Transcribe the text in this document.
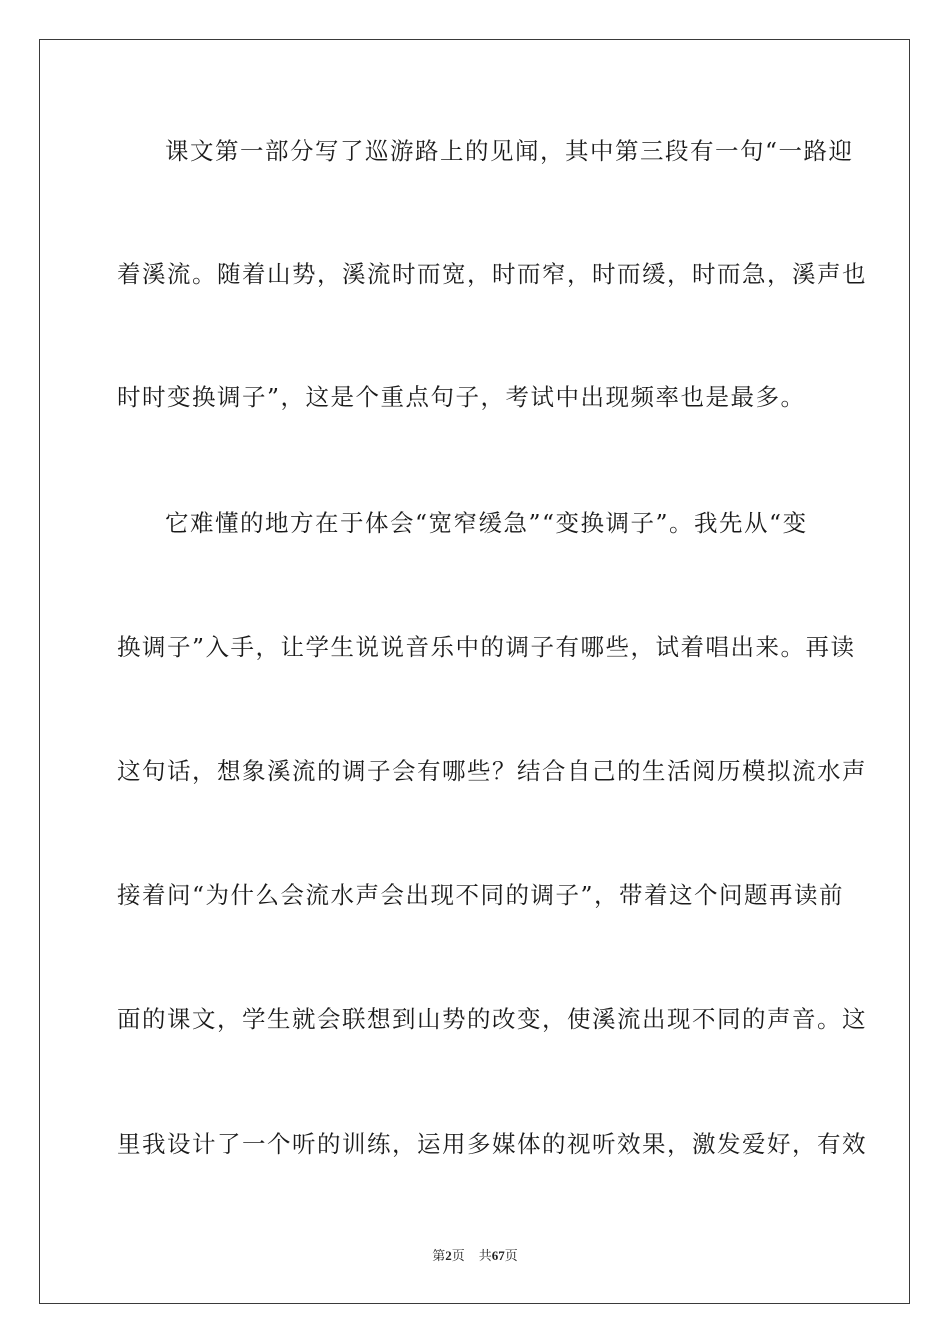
课文第一部分写了巡游路上的见闻，其中第三段有一句“一路迎
着溪流。随着山势，溪流时而宽，时而窄，时而缓，时而急，溪声也
时时变换调子”，这是个重点句子，考试中出现频率也是最多。
它难懂的地方在于体会“宽窄缓急”“变换调子”。我先从“变
换调子”入手，让学生说说音乐中的调子有哪些，试着唱出来。再读
这句话，想象溪流的调子会有哪些？结合自己的生活阅历模拟流水声
接着问“为什么会流水声会出现不同的调子”，带着这个问题再读前
面的课文，学生就会联想到山势的改变，使溪流出现不同的声音。这
里我设计了一个听的训练，运用多媒体的视听效果，激发爱好，有效
第2页 共67页
